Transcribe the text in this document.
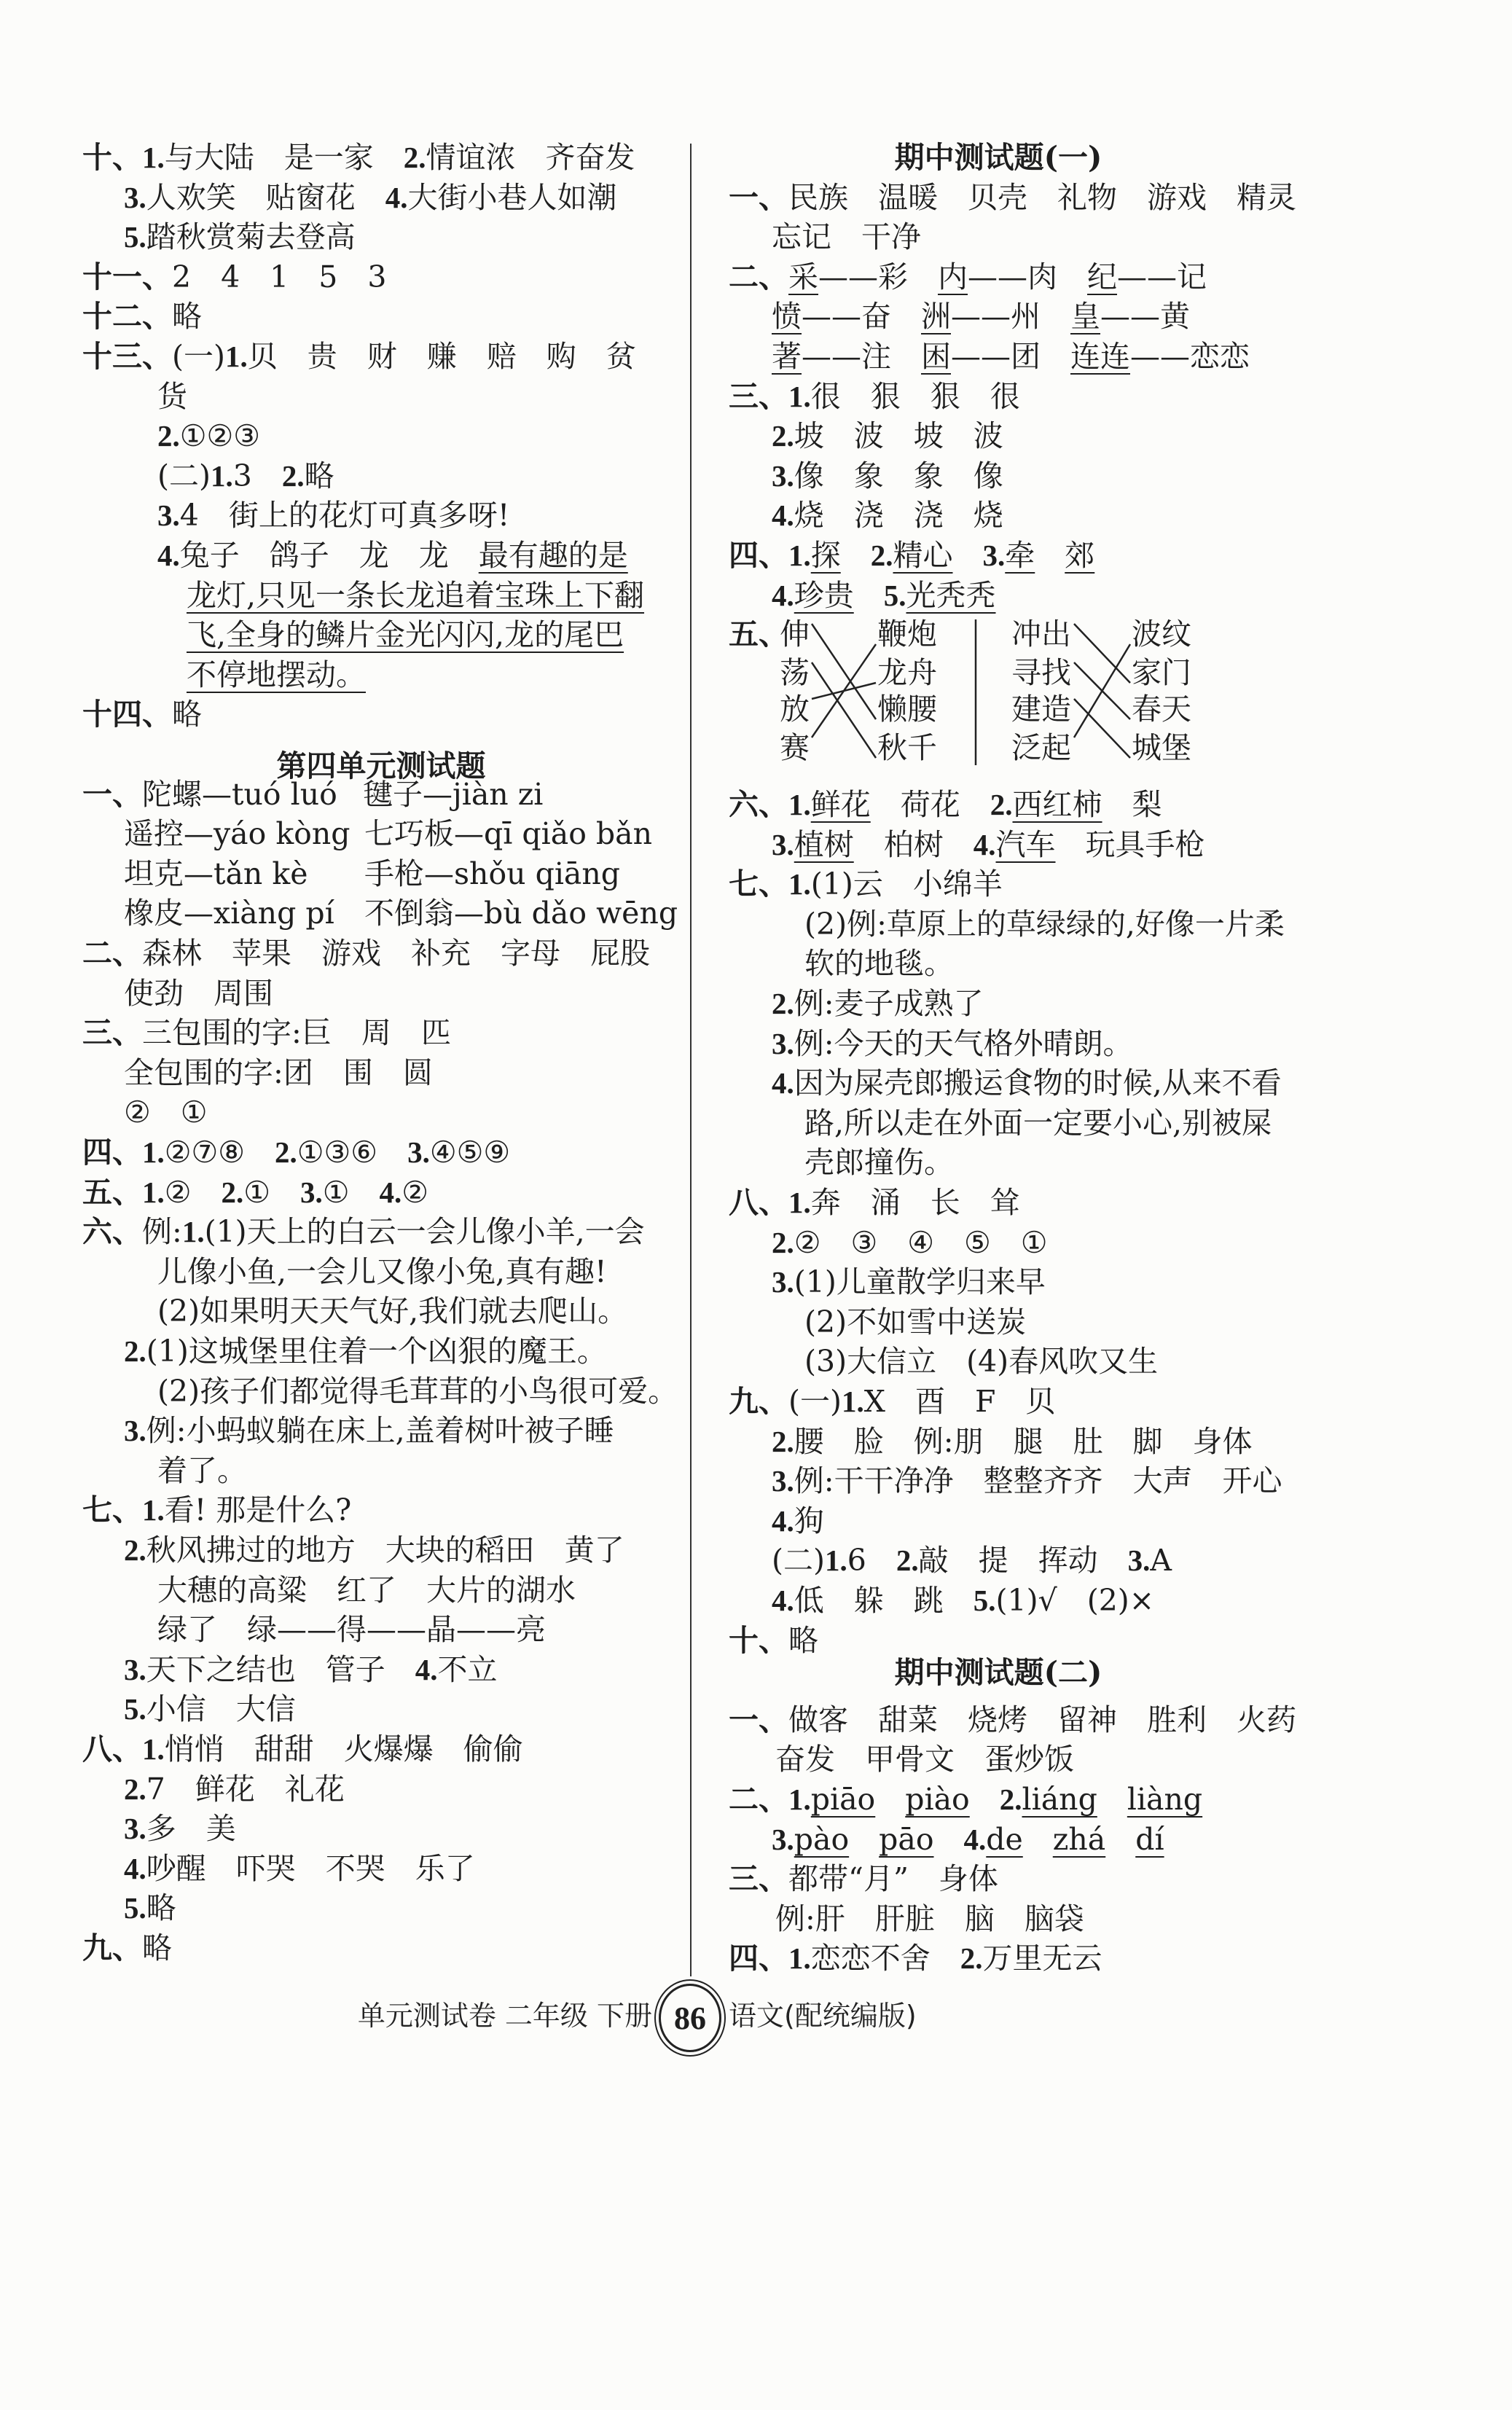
十、1.与大陆　是一家　2.情谊浓　齐奋发
3.人欢笑　贴窗花　4.大街小巷人如潮
5.踏秋赏菊去登高
十一、2　4　1　5　3
十二、略
十三、(一)1.贝　贵　财　赚　赔　购　贫
货
2.①②③
(二)1.3　2.略
3.4　街上的花灯可真多呀!
4.兔子　鸽子　龙　龙　最有趣的是
龙灯,只见一条长龙追着宝珠上下翻
飞,全身的鳞片金光闪闪,龙的尾巴
不停地摆动。
十四、略
一、陀螺—tuó luó 毽子—jiàn zi
遥控—yáo kòng 七巧板—qī qiǎo bǎn
坦克—tǎn kè 手枪—shǒu qiāng
橡皮—xiàng pí 不倒翁—bù dǎo wēng
二、森林　苹果　游戏　补充　字母　屁股
使劲　周围
三、三包围的字:巨　周　匹
全包围的字:团　围　圆
②　①
四、1.②⑦⑧　2.①③⑥　3.④⑤⑨
五、1.②　2.①　3.①　4.②
六、例:1.(1)天上的白云一会儿像小羊,一会
儿像小鱼,一会儿又像小兔,真有趣!
(2)如果明天天气好,我们就去爬山。
2.(1)这城堡里住着一个凶狠的魔王。
(2)孩子们都觉得毛茸茸的小鸟很可爱。
3.例:小蚂蚁躺在床上,盖着树叶被子睡
着了。
七、1.看! 那是什么?
2.秋风拂过的地方　大块的稻田　黄了
大穗的高粱　红了　大片的湖水
绿了　绿——得——晶——亮
3.天下之结也　管子　4.不立
5.小信　大信
八、1.悄悄　甜甜　火爆爆　偷偷
2.7　鲜花　礼花
3.多　美
4.吵醒　吓哭　不哭　乐了
5.略
九、略
一、民族　温暖　贝壳　礼物　游戏　精灵
忘记　干净
二、采——彩　内——肉　纪——记
愤——奋　洲——州　皇——黄
著——注　困——团　连连——恋恋
三、1.很　狠　狠　很
2.坡　波　坡　波
3.像　象　象　像
4.烧　浇　浇　烧
四、1.探　 2.精心　 3.牵　 郊
4.珍贵　 5.光秃秃
六、1.鲜花　荷花　2.西红柿　梨
3.植树　柏树　4.汽车　玩具手枪
七、1.(1)云　小绵羊
(2)例:草原上的草绿绿的,好像一片柔
软的地毯。
2.例:麦子成熟了
3.例:今天的天气格外晴朗。
4.因为屎壳郎搬运食物的时候,从来不看
路,所以走在外面一定要小心,别被屎
壳郎撞伤。
八、1.奔　涌　长　耸
2.②　③　④　⑤　①
3.(1)儿童散学归来早
(2)不如雪中送炭
(3)大信立　(4)春风吹又生
九、(一)1.X　酉　F　贝
2.腰　脸　例:朋　腿　肚　脚　身体
3.例:干干净净　整整齐齐　大声　开心
4.狗
(二)1.6　2.敲　提　挥动　3.A
4.低　躲　跳　5.(1)√　(2)×
十、略
一、做客　甜菜　烧烤　留神　胜利　火药
奋发　甲骨文　蛋炒饭
二、1.piāo　 piào　 2.liáng　 liàng
3.pào　 pāo　 4.de　 zhá　 dí
三、都带“月”　身体
例:肝　肝脏　脑　脑袋
四、1.恋恋不舍　2.万里无云
第四单元测试题
期中测试题(一)
期中测试题(二)
五、
伸
荡
放
赛
鞭炮
龙舟
懒腰
秋千
冲出
寻找
建造
泛起
波纹
家门
春天
城堡
单元测试卷 二年级 下册 86 语文(配统编版)
